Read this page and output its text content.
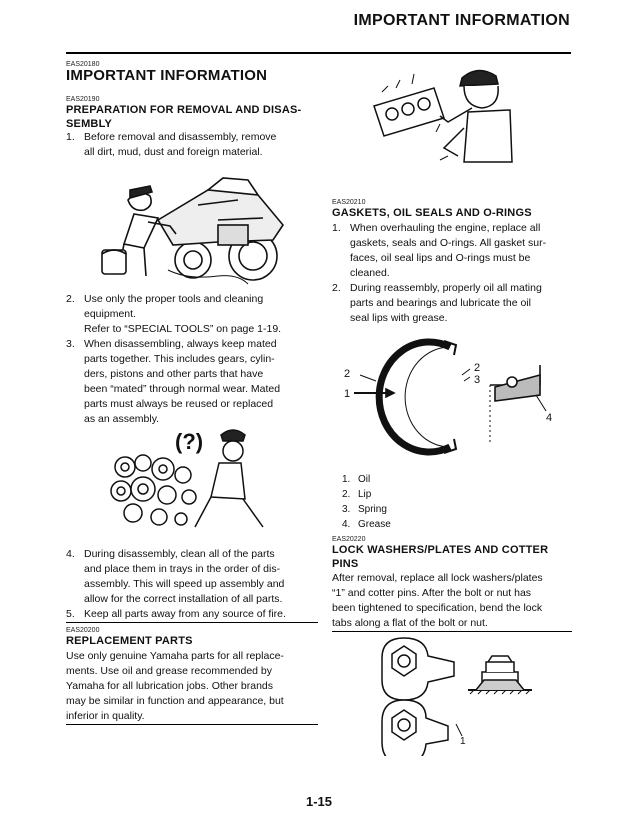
IMPORTANT INFORMATION
EAS20180
IMPORTANT INFORMATION
EAS20190
PREPARATION FOR REMOVAL AND DISAS-SEMBLY
1. Before removal and disassembly, remove
all dirt, mud, dust and foreign material.
2. Use only the proper tools and cleaning
equipment.
Refer to “SPECIAL TOOLS” on page 1-19.
3. When disassembling, always keep mated
parts together. This includes gears, cylin-
ders, pistons and other parts that have
been “mated” through normal wear. Mated
parts must always be reused or replaced
as an assembly.
(?)
4. During disassembly, clean all of the parts
and place them in trays in the order of dis-
assembly. This will speed up assembly and
allow for the correct installation of all parts.
5. Keep all parts away from any source of fire.
EAS20200
REPLACEMENT PARTS
Use only genuine Yamaha parts for all replace-
ments. Use oil and grease recommended by
Yamaha for all lubrication jobs. Other brands
may be similar in function and appearance, but
inferior in quality.
EAS20210
GASKETS, OIL SEALS AND O-RINGS
1. When overhauling the engine, replace all
gaskets, seals and O-rings. All gasket sur-
faces, oil seal lips and O-rings must be
cleaned.
2. During reassembly, properly oil all mating
parts and bearings and lubricate the oil
seal lips with grease.
2
1
2
3
4
1. Oil
2. Lip
3. Spring
4. Grease
EAS20220
LOCK WASHERS/PLATES AND COTTER PINS
After removal, replace all lock washers/plates
“1” and cotter pins. After the bolt or nut has
been tightened to specification, bend the lock
tabs along a flat of the bolt or nut.
1
1-15
